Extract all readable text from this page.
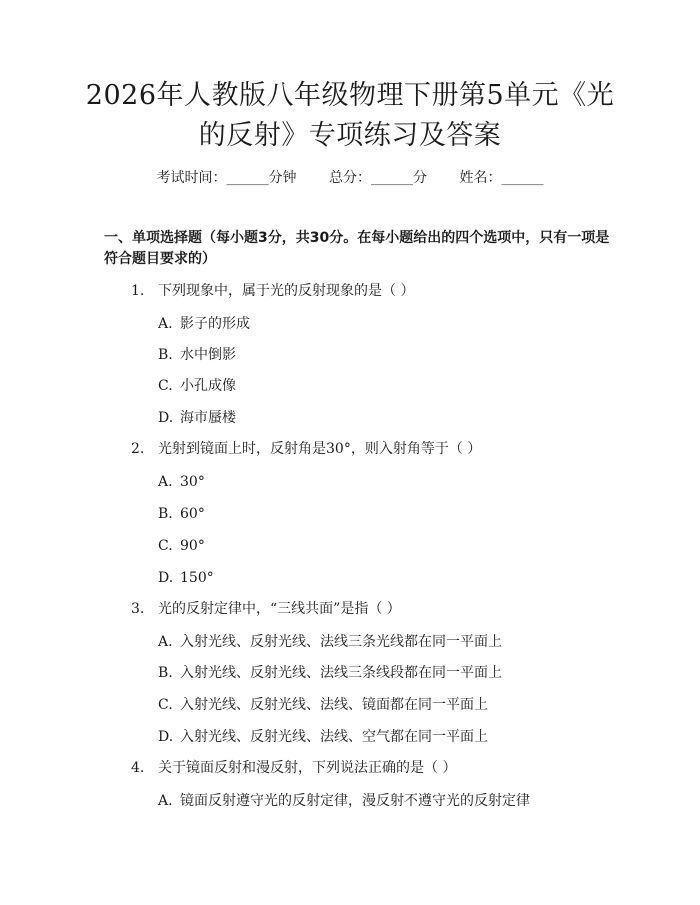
2026年人教版八年级物理下册第5单元《光
的反射》专项练习及答案
考试时间：______分钟 总分：______分 姓名：______
一、单项选择题（每小题3分，共30分。在每小题给出的四个选项中，只有一项是符合题目要求的）
1. 下列现象中，属于光的反射现象的是（ ）
A. 影子的形成
B. 水中倒影
C. 小孔成像
D. 海市蜃楼
2. 光射到镜面上时，反射角是30°，则入射角等于（ ）
A. 30°
B. 60°
C. 90°
D. 150°
3. 光的反射定律中，“三线共面”是指（ ）
A. 入射光线、反射光线、法线三条光线都在同一平面上
B. 入射光线、反射光线、法线三条线段都在同一平面上
C. 入射光线、反射光线、法线、镜面都在同一平面上
D. 入射光线、反射光线、法线、空气都在同一平面上
4. 关于镜面反射和漫反射，下列说法正确的是（ ）
A. 镜面反射遵守光的反射定律，漫反射不遵守光的反射定律
